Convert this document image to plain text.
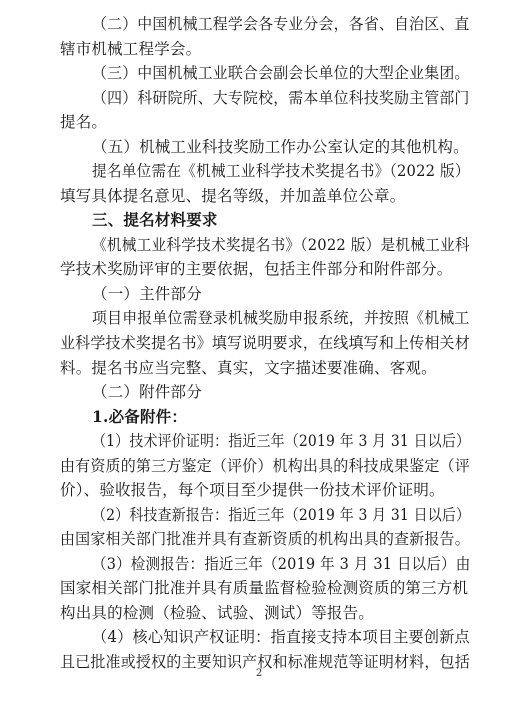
（二）中国机械工程学会各专业分会，各省、自治区、直
辖市机械工程学会。
（三）中国机械工业联合会副会长单位的大型企业集团。
（四）科研院所、大专院校，需本单位科技奖励主管部门
提名。
（五）机械工业科技奖励工作办公室认定的其他机构。
提名单位需在《机械工业科学技术奖提名书》（2022 版）
填写具体提名意见、提名等级，并加盖单位公章。
三、提名材料要求
《机械工业科学技术奖提名书》（2022 版）是机械工业科
学技术奖励评审的主要依据，包括主件部分和附件部分。
（一）主件部分
项目申报单位需登录机械奖励申报系统，并按照《机械工
业科学技术奖提名书》填写说明要求，在线填写和上传相关材
料。提名书应当完整、真实，文字描述要准确、客观。
（二）附件部分
1.必备附件：
（1）技术评价证明：指近三年（2019 年 3 月 31 日以后）
由有资质的第三方鉴定（评价）机构出具的科技成果鉴定（评
价）、验收报告，每个项目至少提供一份技术评价证明。
（2）科技查新报告：指近三年（2019 年 3 月 31 日以后）
由国家相关部门批准并具有查新资质的机构出具的查新报告。
（3）检测报告：指近三年（2019 年 3 月 31 日以后）由
国家相关部门批准并具有质量监督检验检测资质的第三方机
构出具的检测（检验、试验、测试）等报告。
（4）核心知识产权证明：指直接支持本项目主要创新点
且已批准或授权的主要知识产权和标准规范等证明材料，包括
2
